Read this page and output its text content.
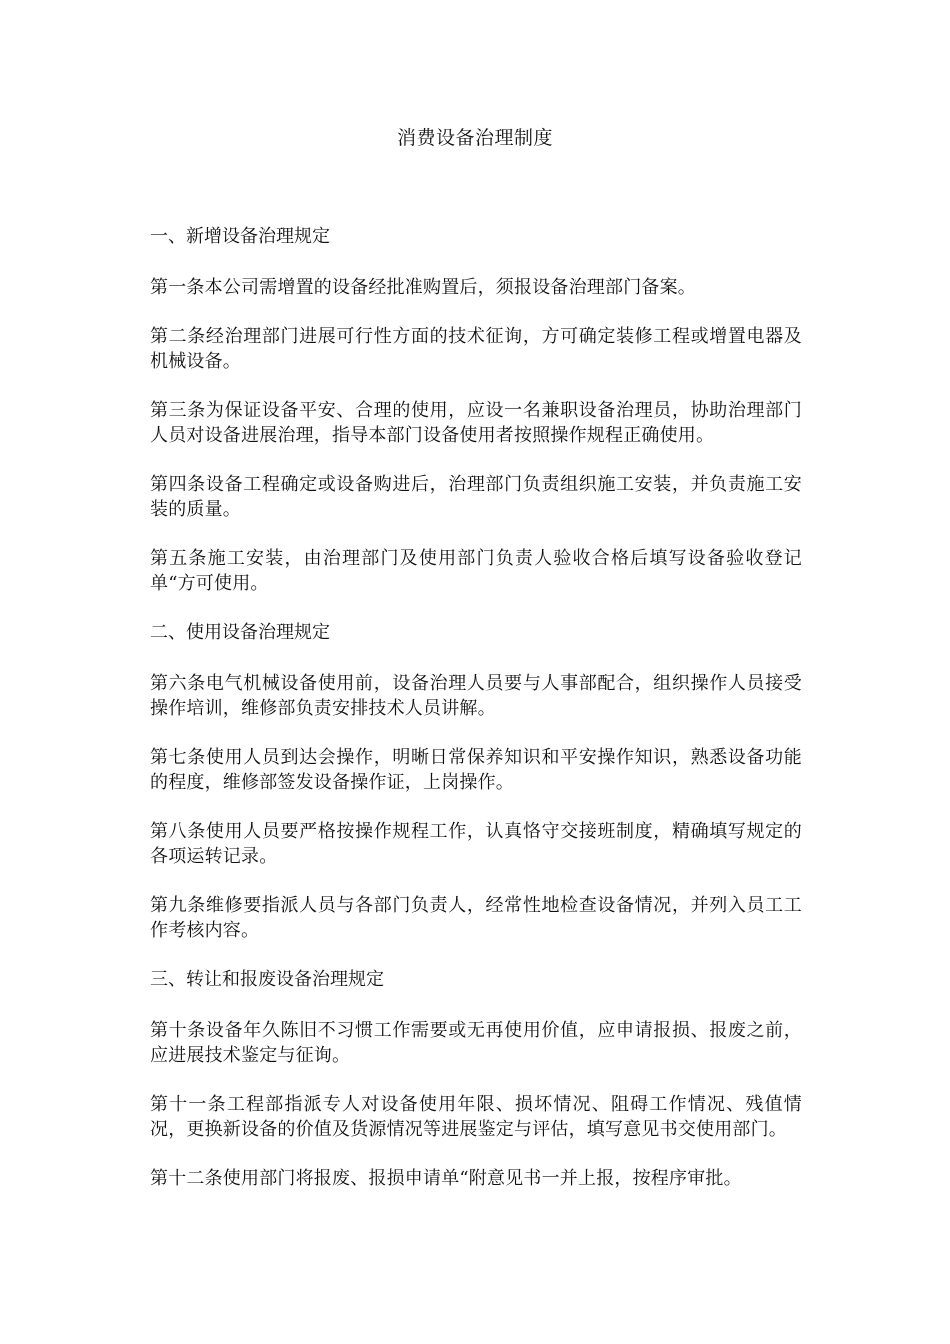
消费设备治理制度
一、新增设备治理规定

第一条本公司需增置的设备经批准购置后，须报设备治理部门备案。

第二条经治理部门进展可行性方面的技术征询，方可确定装修工程或增置电器及机械设备。

第三条为保证设备平安、合理的使用，应设一名兼职设备治理员，协助治理部门人员对设备进展治理，指导本部门设备使用者按照操作规程正确使用。

第四条设备工程确定或设备购进后，治理部门负责组织施工安装，并负责施工安装的质量。

第五条施工安装，由治理部门及使用部门负责人验收合格后填写设备验收登记单“方可使用。

二、使用设备治理规定

第六条电气机械设备使用前，设备治理人员要与人事部配合，组织操作人员接受操作培训，维修部负责安排技术人员讲解。

第七条使用人员到达会操作，明晰日常保养知识和平安操作知识，熟悉设备功能的程度，维修部签发设备操作证，上岗操作。

第八条使用人员要严格按操作规程工作，认真恪守交接班制度，精确填写规定的各项运转记录。

第九条维修要指派人员与各部门负责人，经常性地检查设备情况，并列入员工工作考核内容。

三、转让和报废设备治理规定

第十条设备年久陈旧不习惯工作需要或无再使用价值，应申请报损、报废之前，应进展技术鉴定与征询。

第十一条工程部指派专人对设备使用年限、损坏情况、阻碍工作情况、残值情况，更换新设备的价值及货源情况等进展鉴定与评估，填写意见书交使用部门。

第十二条使用部门将报废、报损申请单“附意见书一并上报，按程序审批。
